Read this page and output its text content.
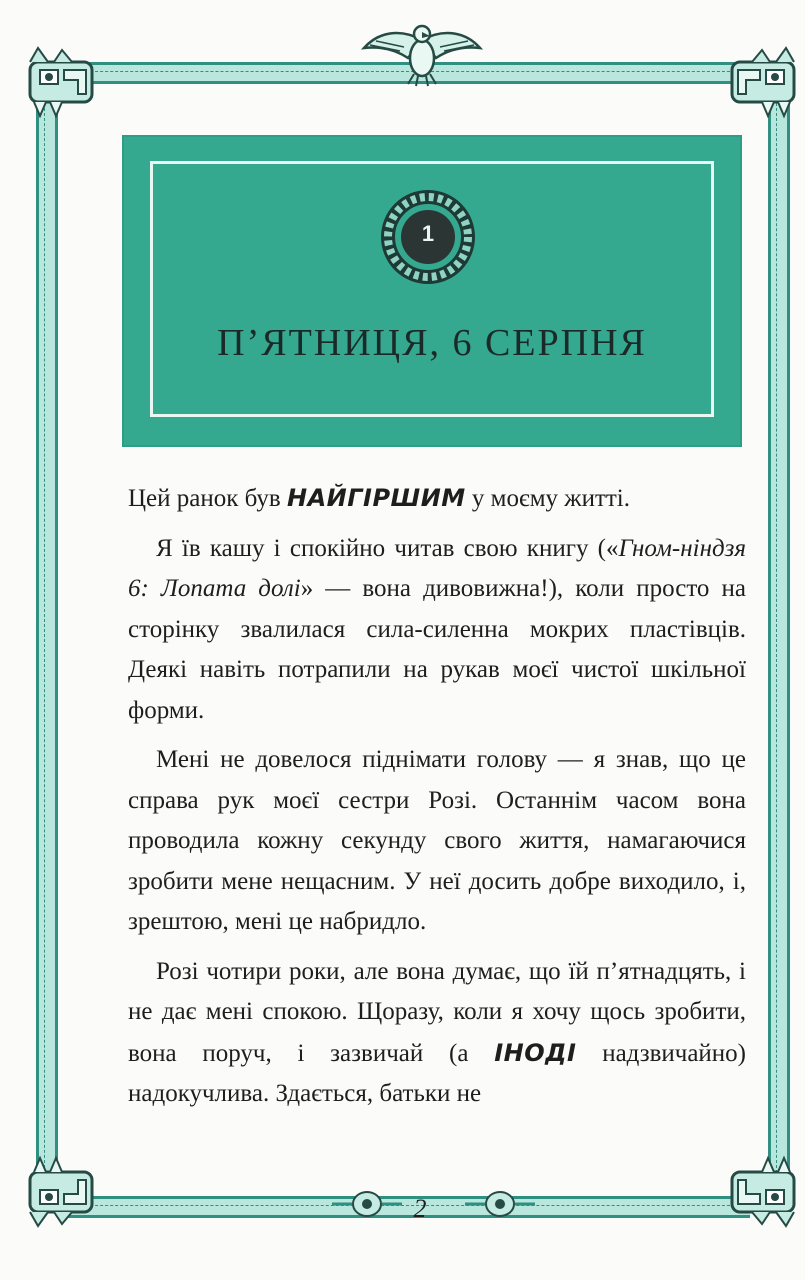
1
П’ЯТНИЦЯ, 6 СЕРПНЯ

Цей ранок був НАЙГІРШИМ у моєму житті.

Я їв кашу і спокійно читав свою книгу («Гном-ніндзя 6: Лопата долі» — вона дивовижна!), коли просто на сторінку звалилася сила-силенна мокрих пластівців. Деякі навіть потрапили на рукав моєї чистої шкільної форми.

Мені не довелося піднімати голову — я знав, що це справа рук моєї сестри Розі. Останнім часом вона проводила кожну секунду свого життя, намагаючися зробити мене нещасним. У неї досить добре виходило, і, зрештою, мені це набридло.

Розі чотири роки, але вона думає, що їй п’ятнадцять, і не дає мені спокою. Щоразу, коли я хочу щось зробити, вона поруч, і зазвичай (а ІНОДІ надзвичайно) надокучлива. Здається, батьки не

2
